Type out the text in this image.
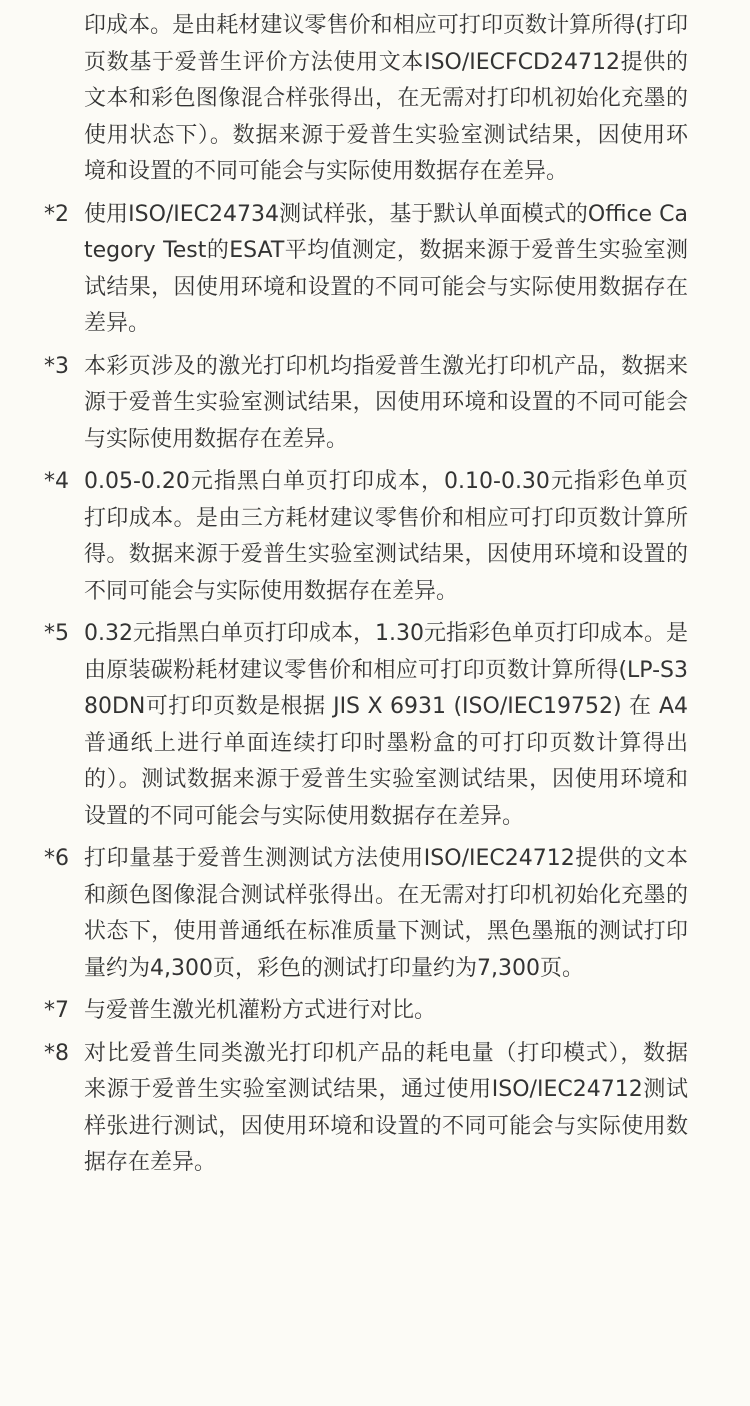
印成本。是由耗材建议零售价和相应可打印页数计算所得(打印页数基于爱普生评价方法使用文本ISO/IECFCD24712提供的文本和彩色图像混合样张得出，在无需对打印机初始化充墨的使用状态下）。数据来源于爱普生实验室测试结果，因使用环境和设置的不同可能会与实际使用数据存在差异。
*2 使用ISO/IEC24734测试样张，基于默认单面模式的Office Category Test的ESAT平均值测定，数据来源于爱普生实验室测试结果，因使用环境和设置的不同可能会与实际使用数据存在差异。
*3 本彩页涉及的激光打印机均指爱普生激光打印机产品，数据来源于爱普生实验室测试结果，因使用环境和设置的不同可能会与实际使用数据存在差异。
*4 0.05-0.20元指黑白单页打印成本，0.10-0.30元指彩色单页打印成本。是由三方耗材建议零售价和相应可打印页数计算所得。数据来源于爱普生实验室测试结果，因使用环境和设置的不同可能会与实际使用数据存在差异。
*5 0.32元指黑白单页打印成本，1.30元指彩色单页打印成本。是由原装碳粉耗材建议零售价和相应可打印页数计算所得(LP-S380DN可打印页数是根据 JIS X 6931 (ISO/IEC19752) 在 A4 普通纸上进行单面连续打印时墨粉盒的可打印页数计算得出的）。测试数据来源于爱普生实验室测试结果，因使用环境和设置的不同可能会与实际使用数据存在差异。
*6 打印量基于爱普生测测试方法使用ISO/IEC24712提供的文本和颜色图像混合测试样张得出。在无需对打印机初始化充墨的状态下，使用普通纸在标准质量下测试，黑色墨瓶的测试打印量约为4,300页，彩色的测试打印量约为7,300页。
*7 与爱普生激光机灌粉方式进行对比。
*8 对比爱普生同类激光打印机产品的耗电量（打印模式），数据来源于爱普生实验室测试结果，通过使用ISO/IEC24712测试样张进行测试，因使用环境和设置的不同可能会与实际使用数据存在差异。
